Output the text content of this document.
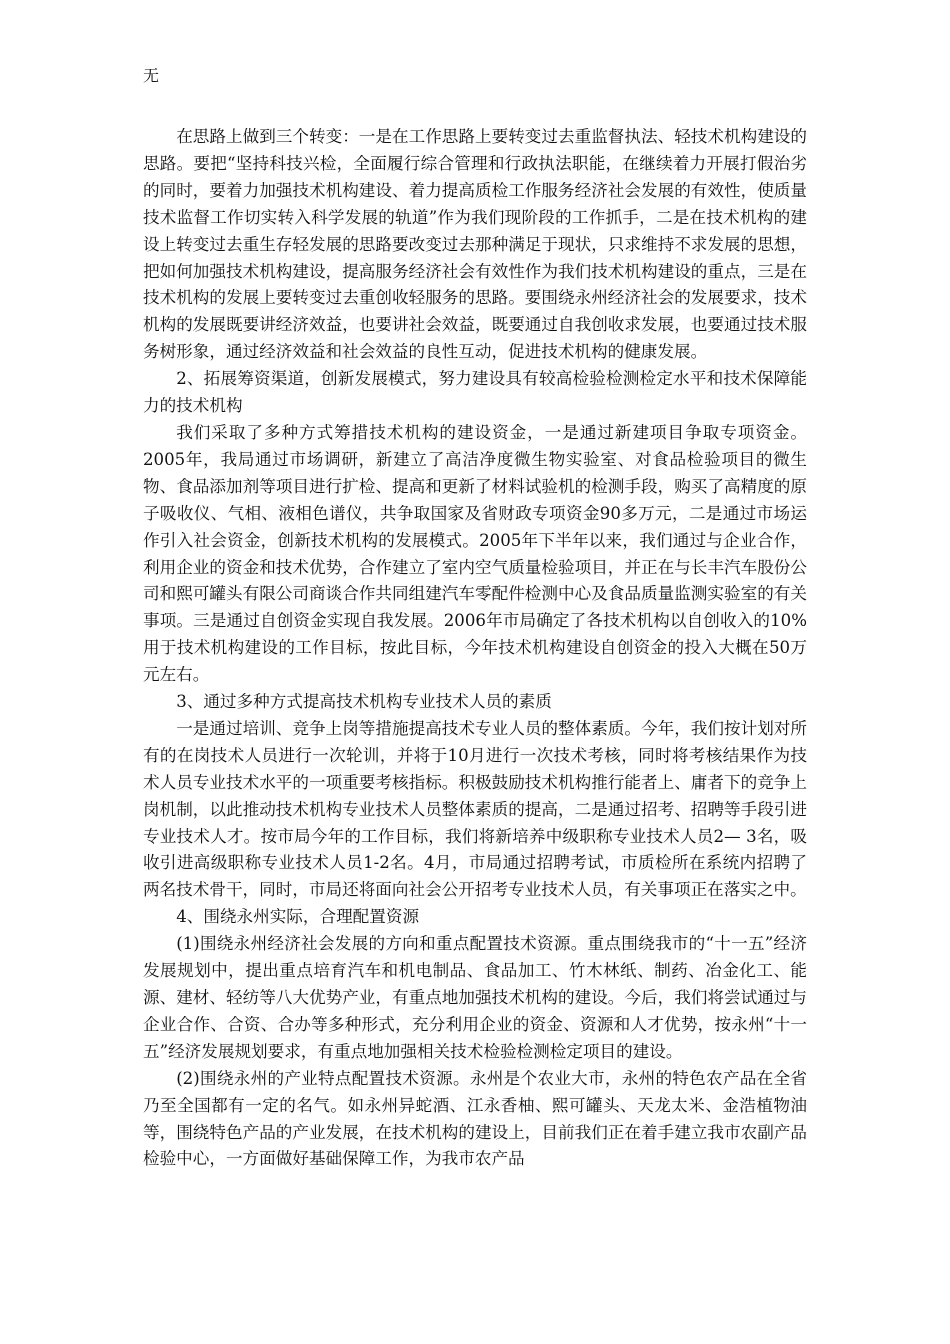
无

在思路上做到三个转变：一是在工作思路上要转变过去重监督执法、轻技术机构建设的思路。要把“坚持科技兴检，全面履行综合管理和行政执法职能，在继续着力开展打假治劣的同时，要着力加强技术机构建设、着力提高质检工作服务经济社会发展的有效性，使质量技术监督工作切实转入科学发展的轨道”作为我们现阶段的工作抓手，二是在技术机构的建设上转变过去重生存轻发展的思路要改变过去那种满足于现状，只求维持不求发展的思想，把如何加强技术机构建设，提高服务经济社会有效性作为我们技术机构建设的重点，三是在技术机构的发展上要转变过去重创收轻服务的思路。要围绕永州经济社会的发展要求，技术机构的发展既要讲经济效益，也要讲社会效益，既要通过自我创收求发展，也要通过技术服务树形象，通过经济效益和社会效益的良性互动，促进技术机构的健康发展。

2、拓展筹资渠道，创新发展模式，努力建设具有较高检验检测检定水平和技术保障能力的技术机构

我们采取了多种方式筹措技术机构的建设资金，一是通过新建项目争取专项资金。2005年，我局通过市场调研，新建立了高洁净度微生物实验室、对食品检验项目的微生物、食品添加剂等项目进行扩检、提高和更新了材料试验机的检测手段，购买了高精度的原子吸收仪、气相、液相色谱仪，共争取国家及省财政专项资金90多万元，二是通过市场运作引入社会资金，创新技术机构的发展模式。2005年下半年以来，我们通过与企业合作，利用企业的资金和技术优势，合作建立了室内空气质量检验项目，并正在与长丰汽车股份公司和熙可罐头有限公司商谈合作共同组建汽车零配件检测中心及食品质量监测实验室的有关事项。三是通过自创资金实现自我发展。2006年市局确定了各技术机构以自创收入的10%用于技术机构建设的工作目标，按此目标，今年技术机构建设自创资金的投入大概在50万元左右。

3、通过多种方式提高技术机构专业技术人员的素质

一是通过培训、竞争上岗等措施提高技术专业人员的整体素质。今年，我们按计划对所有的在岗技术人员进行一次轮训，并将于10月进行一次技术考核，同时将考核结果作为技术人员专业技术水平的一项重要考核指标。积极鼓励技术机构推行能者上、庸者下的竞争上岗机制，以此推动技术机构专业技术人员整体素质的提高，二是通过招考、招聘等手段引进专业技术人才。按市局今年的工作目标，我们将新培养中级职称专业技术人员2— 3名，吸收引进高级职称专业技术人员1-2名。4月，市局通过招聘考试，市质检所在系统内招聘了两名技术骨干，同时，市局还将面向社会公开招考专业技术人员，有关事项正在落实之中。

4、围绕永州实际，合理配置资源

(1)围绕永州经济社会发展的方向和重点配置技术资源。重点围绕我市的“十一五”经济发展规划中，提出重点培育汽车和机电制品、食品加工、竹木林纸、制药、冶金化工、能源、建材、轻纺等八大优势产业，有重点地加强技术机构的建设。今后，我们将尝试通过与企业合作、合资、合办等多种形式，充分利用企业的资金、资源和人才优势，按永州“十一五”经济发展规划要求，有重点地加强相关技术检验检测检定项目的建设。

(2)围绕永州的产业特点配置技术资源。永州是个农业大市，永州的特色农产品在全省乃至全国都有一定的名气。如永州异蛇酒、江永香柚、熙可罐头、天龙太米、金浩植物油等，围绕特色产品的产业发展，在技术机构的建设上，目前我们正在着手建立我市农副产品检验中心，一方面做好基础保障工作，为我市农产品
